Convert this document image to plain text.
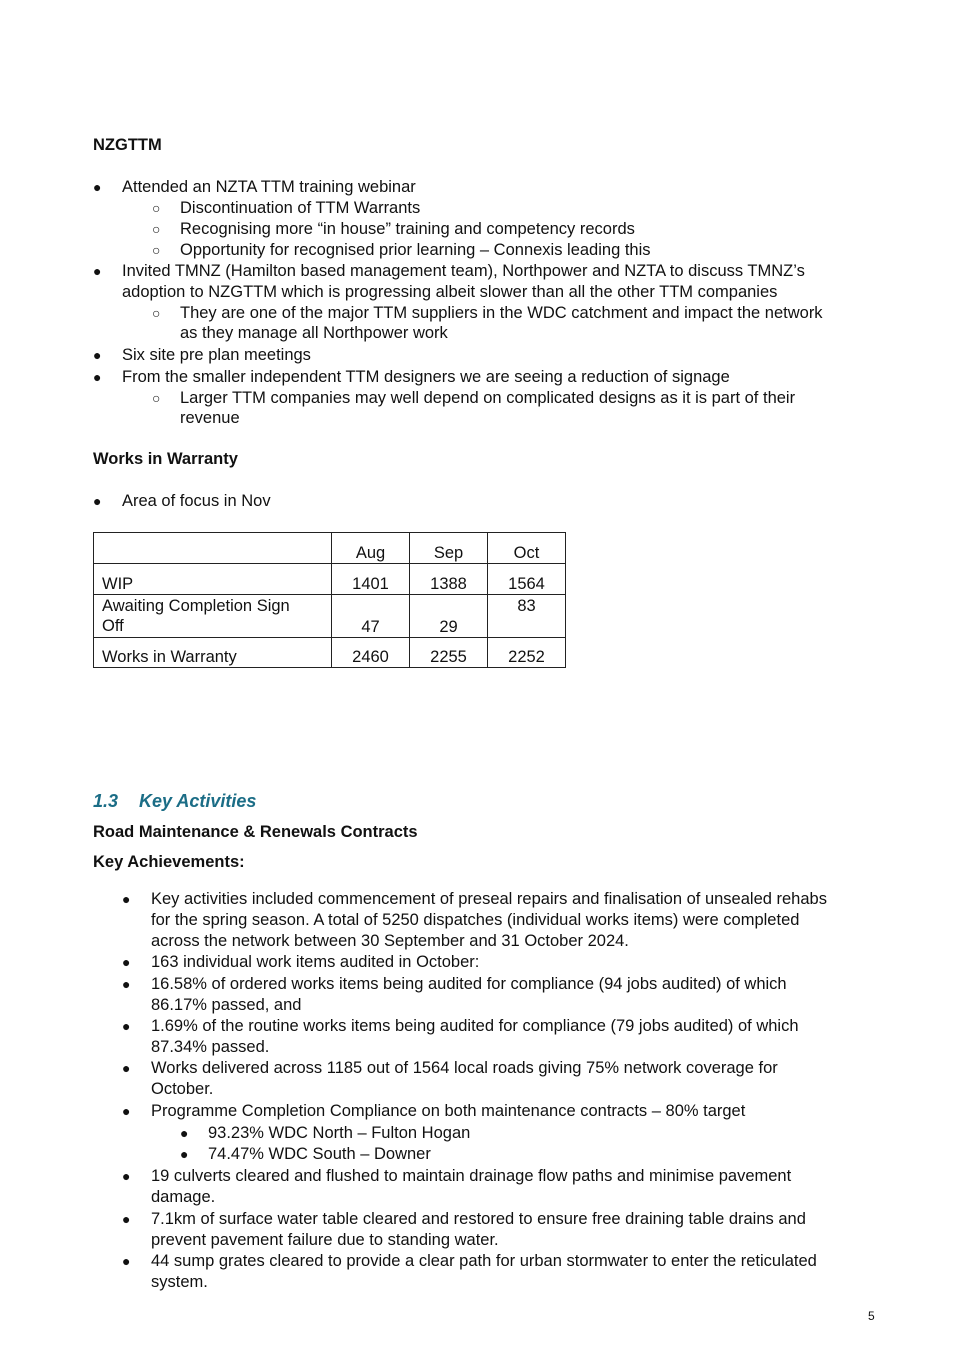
NZGTTM
● Attended an NZTA TTM training webinar
○ Discontinuation of TTM Warrants
○ Recognising more “in house” training and competency records
○ Opportunity for recognised prior learning – Connexis leading this
● Invited TMNZ (Hamilton based management team), Northpower and NZTA to discuss TMNZ’s
adoption to NZGTTM which is progressing albeit slower than all the other TTM companies
○ They are one of the major TTM suppliers in the WDC catchment and impact the network
as they manage all Northpower work
● Six site pre plan meetings
● From the smaller independent TTM designers we are seeing a reduction of signage
○ Larger TTM companies may well depend on complicated designs as it is part of their
revenue
Works in Warranty
● Area of focus in Nov
	Aug	Sep	Oct
WIP	1401	1388	1564

Awaiting Completion Sign
Off	47	29	83
Works in Warranty	2460	2255	2252
1.3 Key Activities
Road Maintenance & Renewals Contracts
Key Achievements:
● Key activities included commencement of preseal repairs and finalisation of unsealed rehabs
for the spring season. A total of 5250 dispatches (individual works items) were completed
across the network between 30 September and 31 October 2024.
● 163 individual work items audited in October:
● 16.58% of ordered works items being audited for compliance (94 jobs audited) of which
86.17% passed, and
● 1.69% of the routine works items being audited for compliance (79 jobs audited) of which
87.34% passed.
● Works delivered across 1185 out of 1564 local roads giving 75% network coverage for
October.
● Programme Completion Compliance on both maintenance contracts – 80% target
● 93.23% WDC North – Fulton Hogan
● 74.47% WDC South – Downer
● 19 culverts cleared and flushed to maintain drainage flow paths and minimise pavement
damage.
● 7.1km of surface water table cleared and restored to ensure free draining table drains and
prevent pavement failure due to standing water.
● 44 sump grates cleared to provide a clear path for urban stormwater to enter the reticulated
system.
5
